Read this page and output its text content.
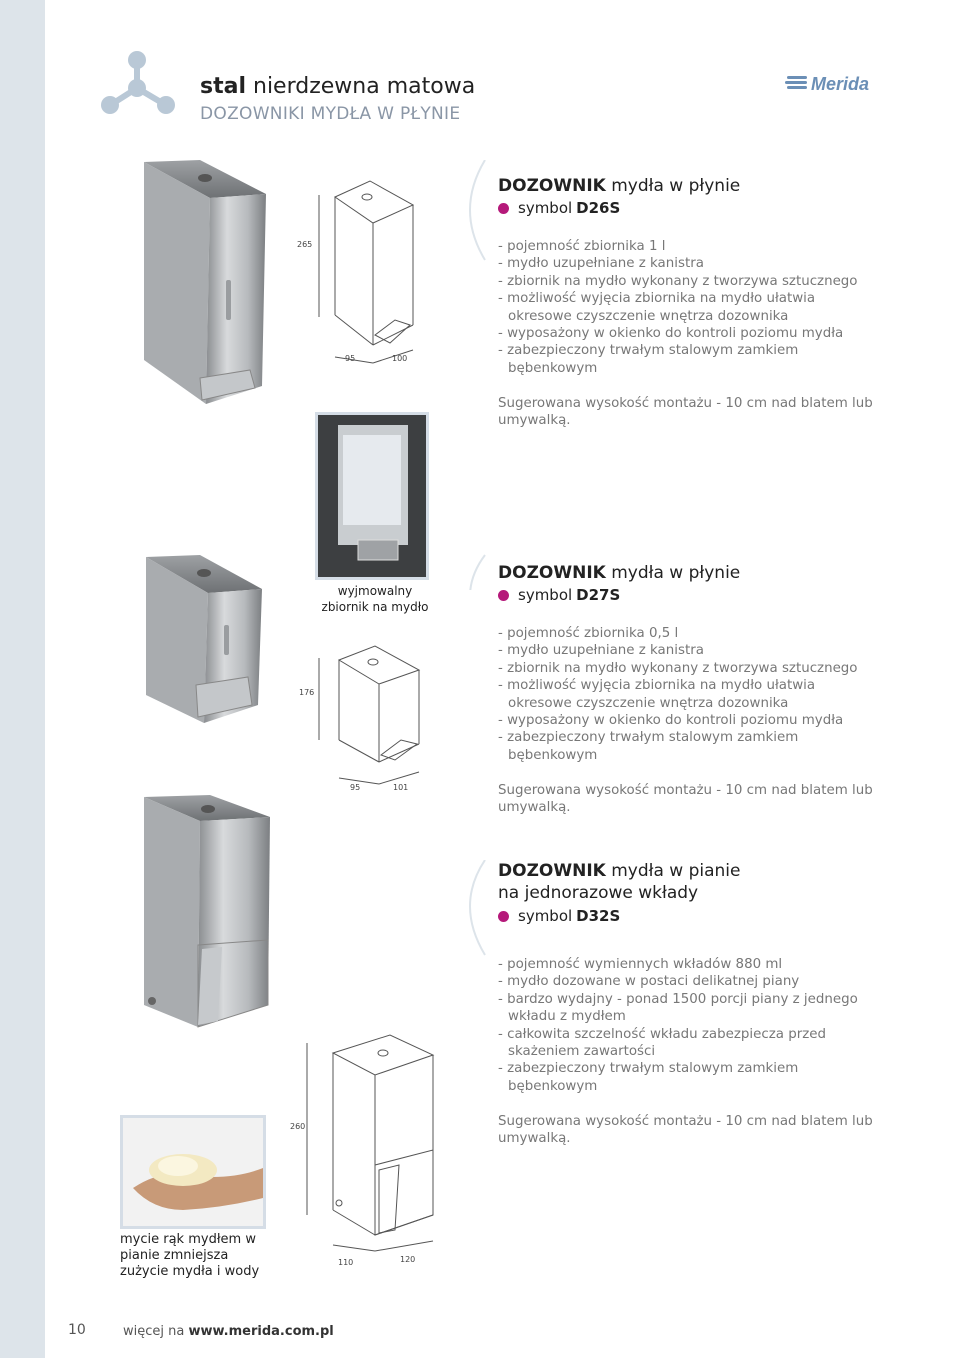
stal nierdzewna matowa
DOZOWNIKI MYDŁA W PŁYNIE
Merida
265
95	100
DOZOWNIK mydła w płynie
symbol D26S
- pojemność zbiornika 1 l
- mydło uzupełniane z kanistra
- zbiornik na mydło wykonany z tworzywa sztucznego
- możliwość wyjęcia zbiornika na mydło ułatwia
okresowe czyszczenie wnętrza dozownika
- wyposażony w okienko do kontroli poziomu mydła
- zabezpieczony trwałym stalowym zamkiem
bębenkowym
Sugerowana wysokość montażu - 10 cm nad blatem lub umywalką.
wyjmowalny zbiornik na mydło
176
95	101
DOZOWNIK mydła w płynie
symbol D27S
- pojemność zbiornika 0,5 l
- mydło uzupełniane z kanistra
- zbiornik na mydło wykonany z tworzywa sztucznego
- możliwość wyjęcia zbiornika na mydło ułatwia
okresowe czyszczenie wnętrza dozownika
- wyposażony w okienko do kontroli poziomu mydła
- zabezpieczony trwałym stalowym zamkiem
bębenkowym
Sugerowana wysokość montażu - 10 cm nad blatem lub umywalką.
260
110	120
mycie rąk mydłem w pianie zmniejsza zużycie mydła i wody
DOZOWNIK mydła w pianie
na jednorazowe wkłady
symbol D32S
- pojemność wymiennych wkładów 880 ml
- mydło dozowane w postaci delikatnej piany
- bardzo wydajny - ponad 1500 porcji piany z jednego
wkładu z mydłem
- całkowita szczelność wkładu zabezpiecza przed
skażeniem zawartości
- zabezpieczony trwałym stalowym zamkiem
bębenkowym
Sugerowana wysokość montażu - 10 cm nad blatem lub umywalką.
10	więcej na www.merida.com.pl
